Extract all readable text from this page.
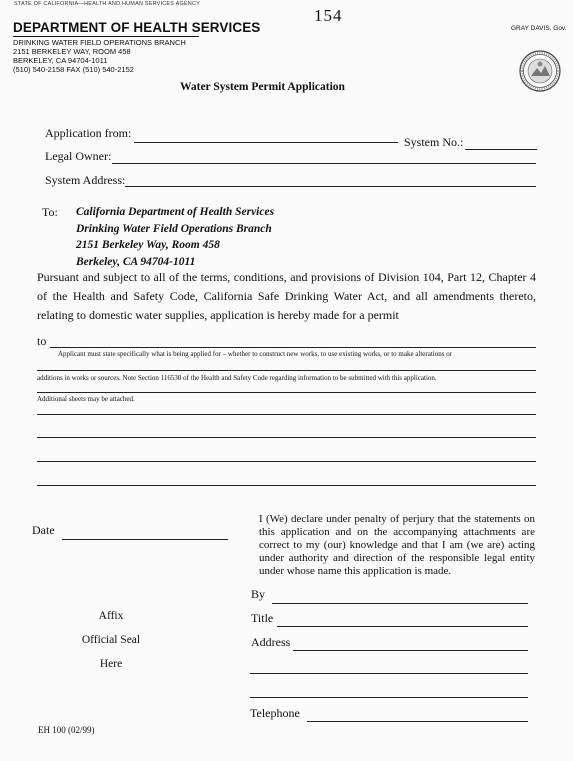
STATE OF CALIFORNIA—HEALTH AND HUMAN SERVICES AGENCY
154
GRAY DAVIS, Gov.
DEPARTMENT OF HEALTH SERVICES
DRINKING WATER FIELD OPERATIONS BRANCH
2151 BERKELEY WAY, ROOM 458
BERKELEY, CA 94704-1011
(510) 540-2158 FAX (510) 540-2152
Water System Permit Application
Application from:
System No.:
Legal Owner:
System Address:
To: California Department of Health Services
Drinking Water Field Operations Branch
2151 Berkeley Way, Room 458
Berkeley, CA 94704-1011
Pursuant and subject to all of the terms, conditions, and provisions of Division 104, Part 12, Chapter 4 of the Health and Safety Code, California Safe Drinking Water Act, and all amendments thereto, relating to domestic water supplies, application is hereby made for a permit
to
Applicant must state specifically what is being applied for – whether to construct new works, to use existing works, or to make alterations or
additions in works or sources. Note Section 116530 of the Health and Safety Code regarding information to be submitted with this application.
Additional sheets may be attached.
Date
I (We) declare under penalty of perjury that the statements on this application and on the accompanying attachments are correct to my (our) knowledge and that I am (we are) acting under authority and direction of the responsible legal entity under whose name this application is made.
By
Title
Address
Telephone
Affix
Official Seal
Here
EH 100 (02/99)
